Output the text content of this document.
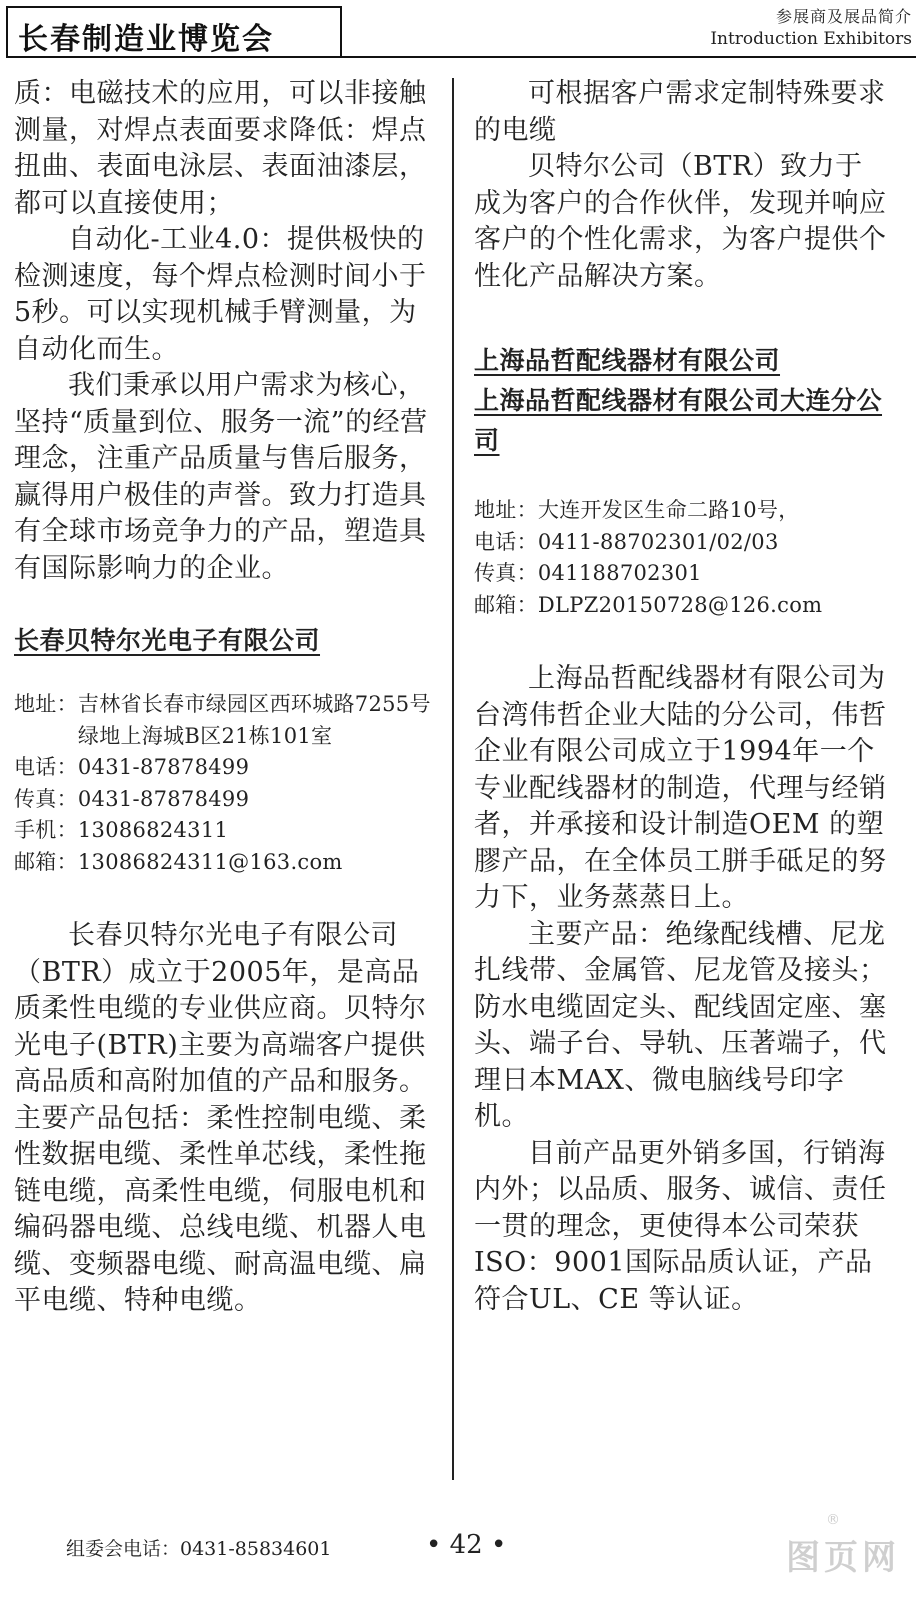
长春制造业博览会
参展商及展品简介
Introduction Exhibitors

质：电磁技术的应用，可以非接触测量，对焊点表面要求降低：焊点扭曲、表面电泳层、表面油漆层，都可以直接使用；

自动化-工业4.0：提供极快的检测速度，每个焊点检测时间小于5秒。可以实现机械手臂测量，为自动化而生。

我们秉承以用户需求为核心，坚持“质量到位、服务一流”的经营理念，注重产品质量与售后服务，赢得用户极佳的声誉。致力打造具有全球市场竞争力的产品，塑造具有国际影响力的企业。

长春贝特尔光电子有限公司
地址： 吉林省长春市绿园区西环城路7255号绿地上海城B区21栋101室
电话：0431-87878499
传真：0431-87878499
手机：13086824311
邮箱：13086824311@163.com

长春贝特尔光电子有限公司（BTR）成立于2005年，是高品质柔性电缆的专业供应商。贝特尔光电子(BTR)主要为高端客户提供高品质和高附加值的产品和服务。主要产品包括：柔性控制电缆、柔性数据电缆、柔性单芯线，柔性拖链电缆，高柔性电缆，伺服电机和编码器电缆、总线电缆、机器人电缆、变频器电缆、耐高温电缆、扁平电缆、特种电缆。

可根据客户需求定制特殊要求的电缆

贝特尔公司（BTR）致力于成为客户的合作伙伴，发现并响应客户的个性化需求，为客户提供个性化产品解决方案。

上海品哲配线器材有限公司
上海品哲配线器材有限公司大连分公司
地址：大连开发区生命二路10号，
电话：0411-88702301/02/03
传真：041188702301
邮箱：DLPZ20150728@126.com

上海品哲配线器材有限公司为台湾伟哲企业大陆的分公司，伟哲企业有限公司成立于1994年一个专业配线器材的制造，代理与经销者，并承接和设计制造OEM 的塑膠产品，在全体员工胼手砥足的努力下，业务蒸蒸日上。

主要产品：绝缘配线槽、尼龙扎线带、金属管、尼龙管及接头；防水电缆固定头、配线固定座、塞头、端子台、导轨、压著端子，代理日本MAX、微电脑线号印字机。

目前产品更外销多国，行销海内外；以品质、服务、诚信、责任一贯的理念，更使得本公司荣获ISO：9001国际品质认证，产品符合UL、CE 等认证。

组委会电话：0431-85834601	• 42 •
®
图页网
